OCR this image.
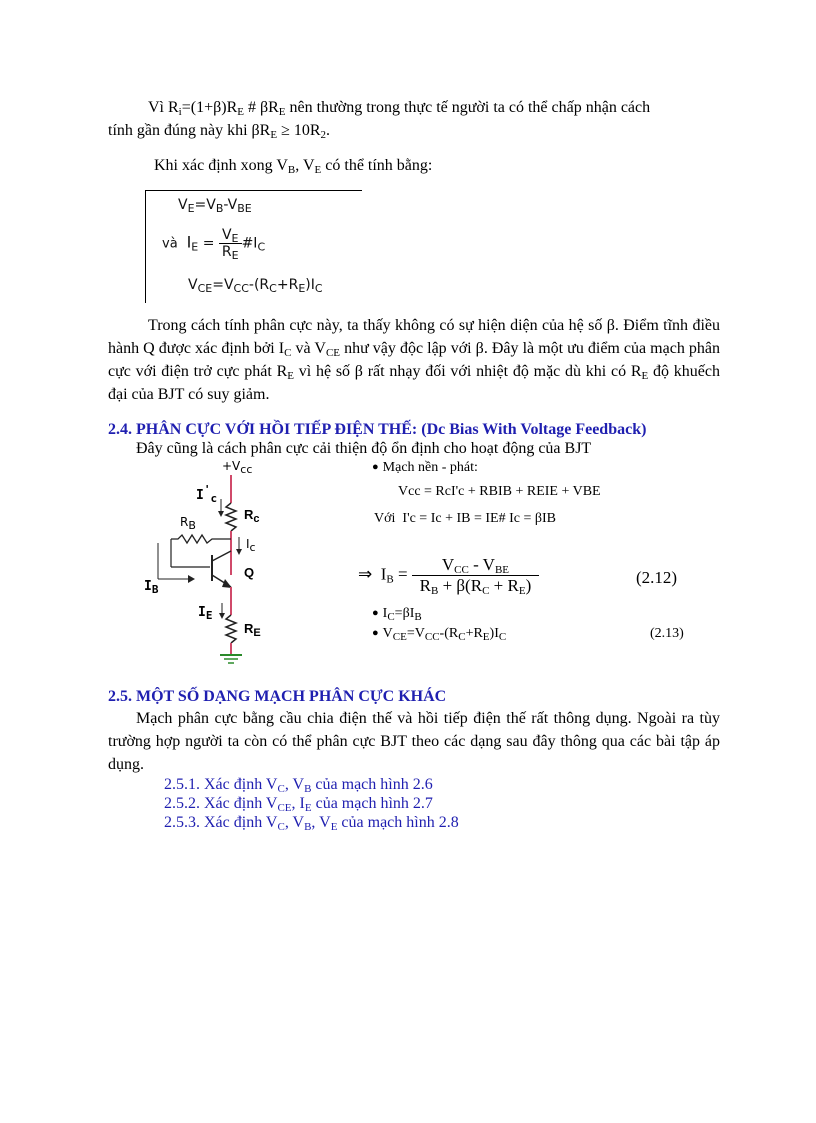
Vì $R_i=(1+\beta)R_E$ # $\beta R_E$ nên thường trong thực tế người ta có thể chấp nhận cách
tính gần đúng này khi $\beta R_E \ge 10R_2$.
Khi xác định xong $V_B$, $V_E$ có thể tính bằng:
$V_E=V_B-V_{BE}$
và $I_E = \frac{V_E}{R_E}$ $\#I_C$
$V_{CE}=V_{CC}-(R_C+R_E)I_C$
Trong cách tính phân cực này, ta thấy không có sự hiện diện của hệ số β. Điểm tĩnh điều hành Q được xác định bởi $I_C$ và $V_{CE}$ như vậy độc lập với β. Đây là một ưu điểm của mạch phân cực với điện trở cực phát $R_E$ vì hệ số β rất nhạy đối với nhiệt độ mặc dù khi có $R_E$ độ khuếch đại của BJT có suy giảm.
2.4. PHÂN CỰC VỚI HỒI TIẾP ĐIỆN THẾ: (Dc Bias With Voltage Feedback)
Đây cũng là cách phân cực cải thiện độ ổn định cho hoạt động của BJT
$+V_{cc}$
$I'_c$
$R_c$
$R_B$
$I_c$
Q
$I_B$
$I_E$
$R_E$
● Mạch nền - phát:
Vcc = RcI'c + RBIB + REIE + VBE
Với I'c = Ic + IB = IE# Ic = βIB
⇒ $I_B = \frac{V_{CC} - V_{BE}}{R_B + \beta(R_C + R_E)}$	(2.12)
● $I_C=\beta I_B$
● $V_{CE}=V_{CC}-(R_C+R_E)I_C$	(2.13)
2.5. MỘT SỐ DẠNG MẠCH PHÂN CỰC KHÁC
Mạch phân cực bằng cầu chia điện thế và hồi tiếp điện thế rất thông dụng. Ngoài ra tùy trường hợp người ta còn có thể phân cực BJT theo các dạng sau đây thông qua các bài tập áp dụng.
2.5.1. Xác định $V_C$, $V_B$ của mạch hình 2.6
2.5.2. Xác định $V_{CE}$, $I_E$ của mạch hình 2.7
2.5.3. Xác định $V_C$, $V_B$, $V_E$ của mạch hình 2.8
